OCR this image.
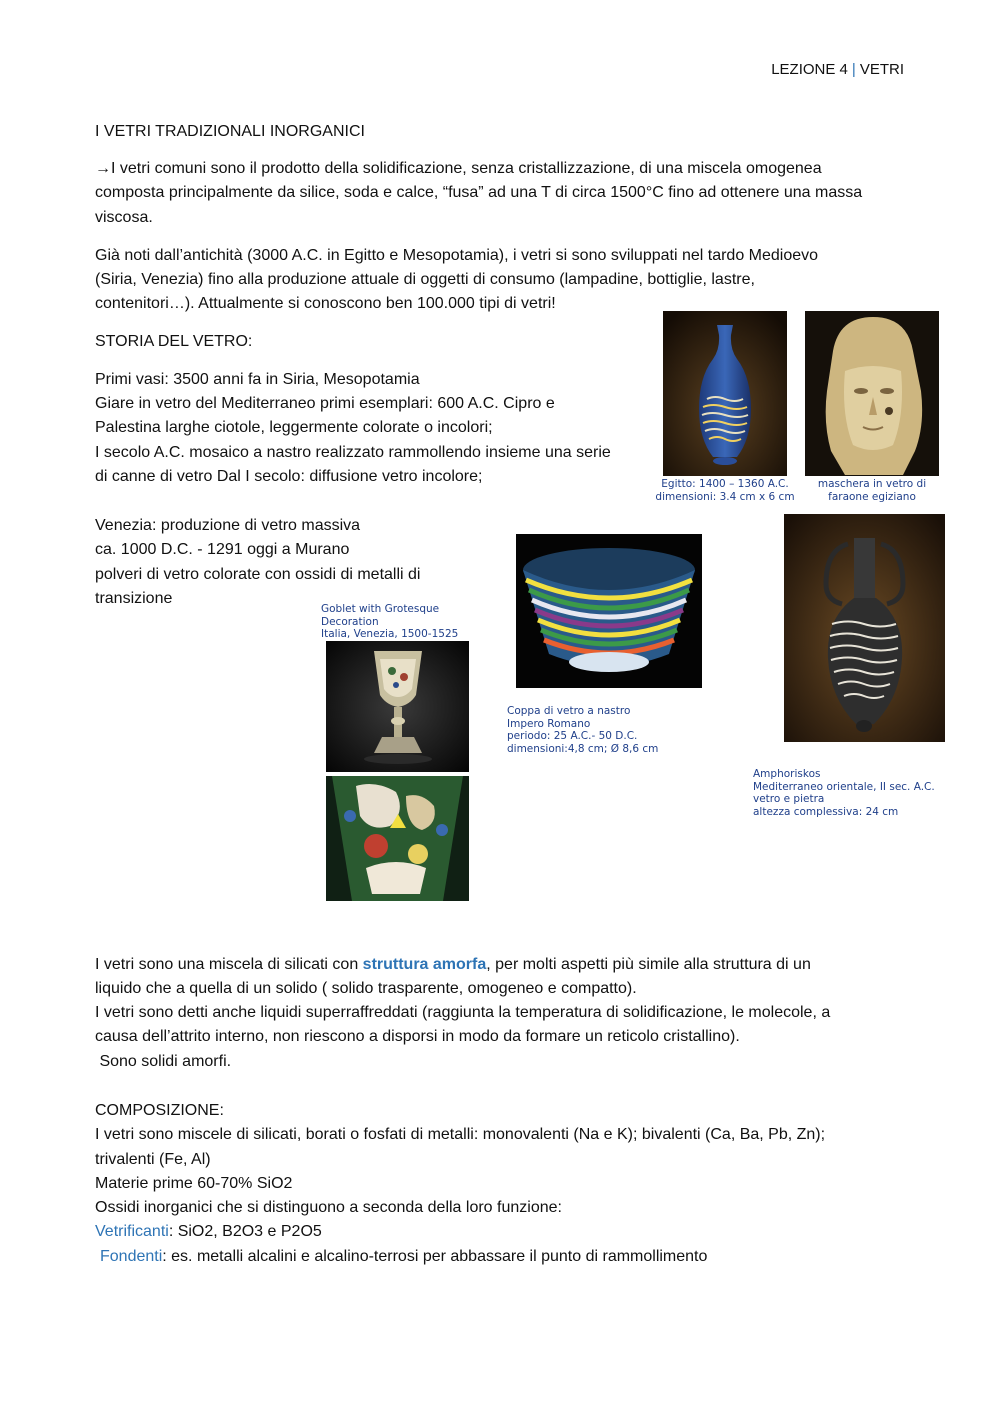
LEZIONE 4 | VETRI
I VETRI TRADIZIONALI INORGANICI
→I vetri comuni sono il prodotto della solidificazione, senza cristallizzazione, di una miscela omogenea
composta principalmente da silice, soda e calce, “fusa” ad una T di circa 1500°C fino ad ottenere una massa
viscosa.
Già noti dall’antichità (3000 A.C. in Egitto e Mesopotamia), i vetri si sono sviluppati nel tardo Medioevo
(Siria, Venezia) fino alla produzione attuale di oggetti di consumo (lampadine, bottiglie, lastre,
contenitori…). Attualmente si conoscono ben 100.000 tipi di vetri!
STORIA DEL VETRO:
Primi vasi: 3500 anni fa in Siria, Mesopotamia
Giare in vetro del Mediterraneo primi esemplari: 600 A.C. Cipro e
Palestina larghe ciotole, leggermente colorate o incolori;
I secolo A.C. mosaico a nastro realizzato rammollendo insieme una serie
di canne di vetro Dal I secolo: diffusione vetro incolore;
Venezia: produzione di vetro massiva
ca. 1000 D.C. - 1291 oggi a Murano
polveri di vetro colorate con ossidi di metalli di
transizione
Egitto: 1400 – 1360 A.C.
dimensioni: 3.4 cm x 6 cm
maschera in vetro di
faraone egiziano
Coppa di vetro a nastro
Impero Romano
periodo: 25 A.C.- 50 D.C.
dimensioni:4,8 cm; Ø 8,6 cm
Amphoriskos
Mediterraneo orientale, II sec. A.C.
vetro e pietra
altezza complessiva: 24 cm
Goblet with Grotesque
Decoration
Italia, Venezia, 1500-1525
I vetri sono una miscela di silicati con struttura amorfa, per molti aspetti più simile alla struttura di un
liquido che a quella di un solido ( solido trasparente, omogeneo e compatto).
I vetri sono detti anche liquidi superraffreddati (raggiunta la temperatura di solidificazione, le molecole, a
causa dell’attrito interno, non riescono a disporsi in modo da formare un reticolo cristallino).
Sono solidi amorfi.
COMPOSIZIONE:
I vetri sono miscele di silicati, borati o fosfati di metalli: monovalenti (Na e K); bivalenti (Ca, Ba, Pb, Zn);
trivalenti (Fe, Al)
Materie prime 60-70% SiO2
Ossidi inorganici che si distinguono a seconda della loro funzione:
Vetrificanti: SiO2, B2O3 e P2O5
Fondenti: es. metalli alcalini e alcalino-terrosi per abbassare il punto di rammollimento
